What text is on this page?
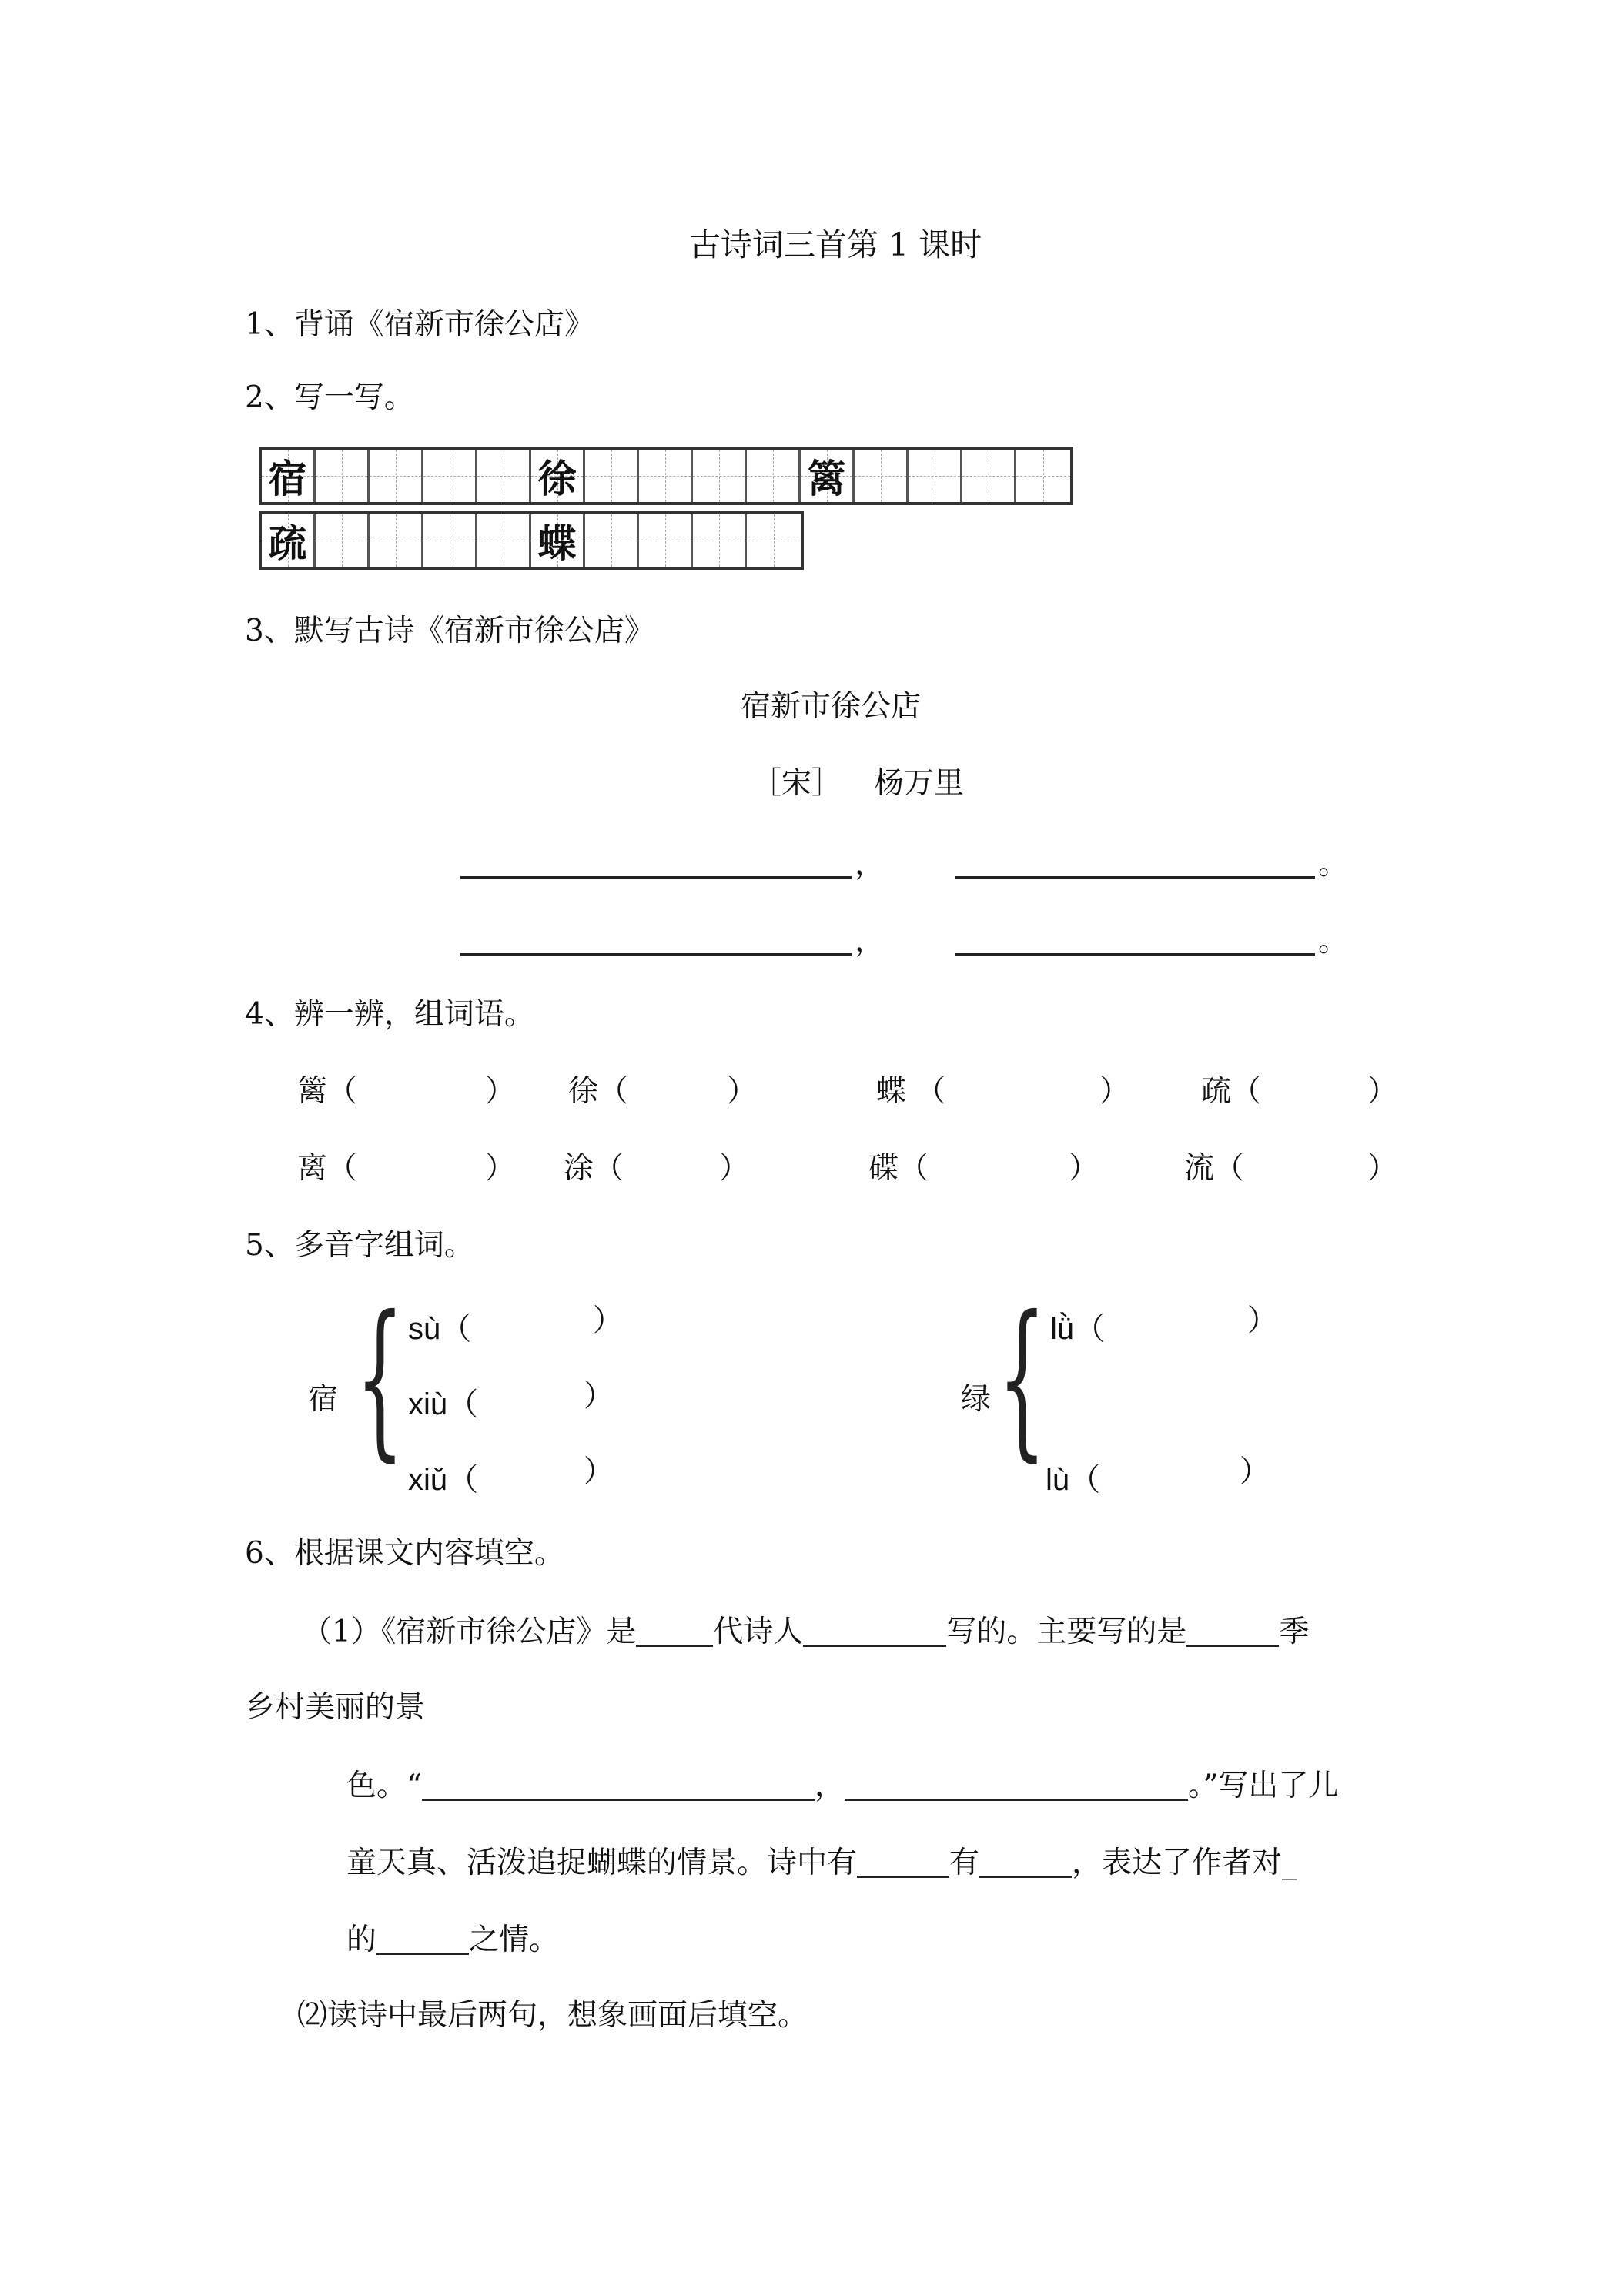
古诗词三首第 1 课时
1、背诵《宿新市徐公店》
2、写一写。
宿	徐	篱
疏	蝶
3、默写古诗《宿新市徐公店》
宿新市徐公店
［宋］ 杨万里
，	。
，	。
4、辨一辨，组词语。
篱（	） 徐（	）	蝶 （	） 疏（	）
离（	） 涂（	）	碟（	）	流（	）
5、多音字组词。
宿 { sù（	）
xiù（	）
xiǔ（	）
绿 { lǜ（	）
lù（	）
6、根据课文内容填空。
（1）《宿新市徐公店》是	代诗人	写的。主要写的是	季
乡村美丽的景
色。“	，	。”写出了儿
童天真、活泼追捉蝴蝶的情景。诗中有	有	，表达了作者对_
的	之情。
⑵读诗中最后两句，想象画面后填空。
